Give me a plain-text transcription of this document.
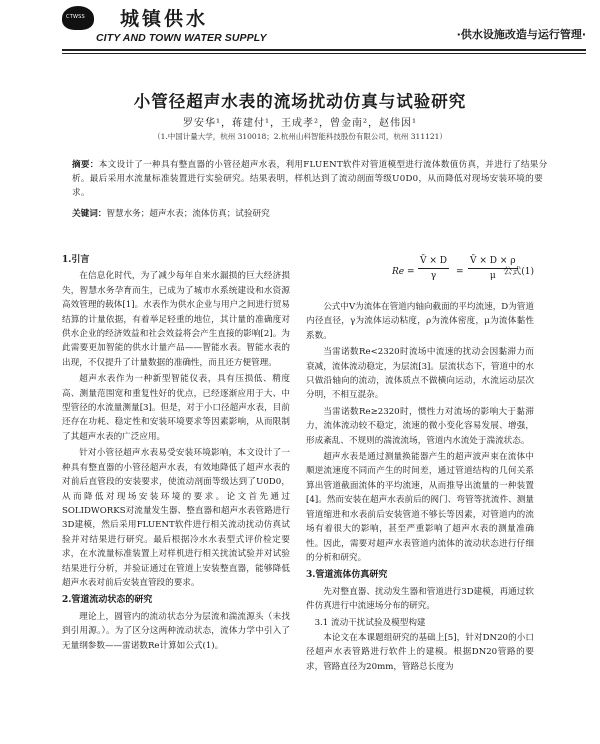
CTWSS 城镇供水
CITY AND TOWN WATER SUPPLY	·供水设施改造与运行管理·
小管径超声水表的流场扰动仿真与试验研究
罗安华¹，蒋建付¹，王成孝²，曾金南²，赵伟因¹
（1.中国计量大学，杭州 310018；2.杭州山科智能科技股份有限公司，杭州 311121）
摘要：本文设计了一种具有整直器的小管径超声水表，利用FLUENT软件对管道模型进行流体数值仿真，并进行了结果分析。最后采用水流量标准装置进行实验研究。结果表明，样机达到了流动剖面等级U0D0，从而降低对现场安装环境的要求。
关键词：智慧水务；超声水表；流体仿真；试验研究
1.引言

在信息化时代，为了减少每年自来水漏损的巨大经济损失，智慧水务孕育而生，已成为了城市水系统建设和水资源高效管理的载体[1]。水表作为供水企业与用户之间进行贸易结算的计量依据，有着举足轻重的地位，其计量的准确度对供水企业的经济效益和社会效益将会产生直接的影响[2]。为此需要更加智能的供水计量产品——智能水表。智能水表的出现，不仅提升了计量数据的准确性，而且还方便管理。

超声水表作为一种新型智能仪表，具有压损低、精度高、测量范围宽和重复性好的优点，已经逐渐应用于大、中型管径的水流量测量[3]。但是，对于小口径超声水表，目前还存在功耗、稳定性和安装环境要求等因素影响，从而限制了其超声水表的广泛应用。

针对小管径超声水表易受安装环境影响，本文设计了一种具有整直器的小管径超声水表，有效地降低了超声水表的对前后直管段的安装要求，使流动剖面等级达到了U0D0，从而降低对现场安装环境的要求。论文首先通过SOLIDWORKS对流量发生器、整直器和超声水表管路进行3D建模，然后采用FLUENT软件进行相关流动扰动仿真试验并对结果进行研究。最后根据冷水水表型式评价检定要求，在水流量标准装置上对样机进行相关扰流试验并对试验结果进行分析，并验证通过在管道上安装整直器，能够降低超声水表对前后安装直管段的要求。

2.管道流动状态的研究

理论上，圆管内的流动状态分为层流和湍流源头（未找到引用源。）。为了区分这两种流动状态，流体力学中引入了无量纲参数——雷诺数Re计算如公式(1)。

$Re = \frac{V̄ \times D}{\gamma} = \frac{V̄ \times D \times \rho}{\mu}$
公式(1)

公式中V为流体在管道内轴向截面的平均流速，D为管道内径直径，γ为流体运动粘度，ρ为流体密度，μ为流体黏性系数。

当雷诺数Re<2320时流场中流速的扰动会因黏滞力而衰减，流体流动稳定，为层流[3]。层流状态下，管道中的水只做沿轴向的流动，流体质点不做横向运动，水流运动层次分明，不相互混杂。

当雷诺数Re≥2320时，惯性力对流场的影响大于黏滞力，流体流动较不稳定，流速的微小变化容易发展、增强，形成紊乱、不规则的湍流流场，管道内水流处于湍流状态。

超声水表是通过测量换能器产生的超声波声束在流体中顺逆流速度不同而产生的时间差，通过管道结构的几何关系算出管道截面流体的平均流速，从而推导出流量的一种装置[4]。然而安装在超声水表前后的阀门、弯管等扰流件、测量管道缩进和水表前后安装管道不够长等因素，对管道内的流场有着很大的影响，甚至严重影响了超声水表的测量准确性。因此，需要对超声水表管道内流体的流动状态进行仔细的分析和研究。

3.管道流体仿真研究

先对整直器、扰动发生器和管道进行3D建模，再通过软件仿真进行中流速场分布的研究。

3.1 流动干扰试验及模型构建

本论文在本课题组研究的基础上[5]，针对DN20的小口径超声水表管路进行软件上的建模。根据DN20管路的要求，管路直径为20mm，管路总长度为
